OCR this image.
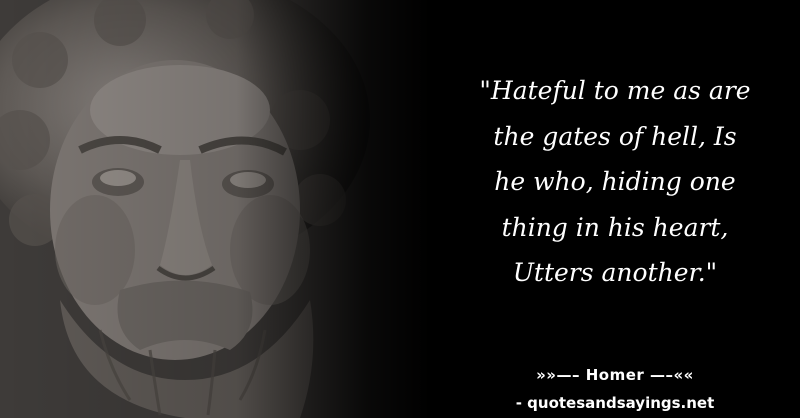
"Hateful to me as are
the gates of hell, Is
he who, hiding one
thing in his heart,
Utters another."
»»—– Homer —–««
- quotesandsayings.net
